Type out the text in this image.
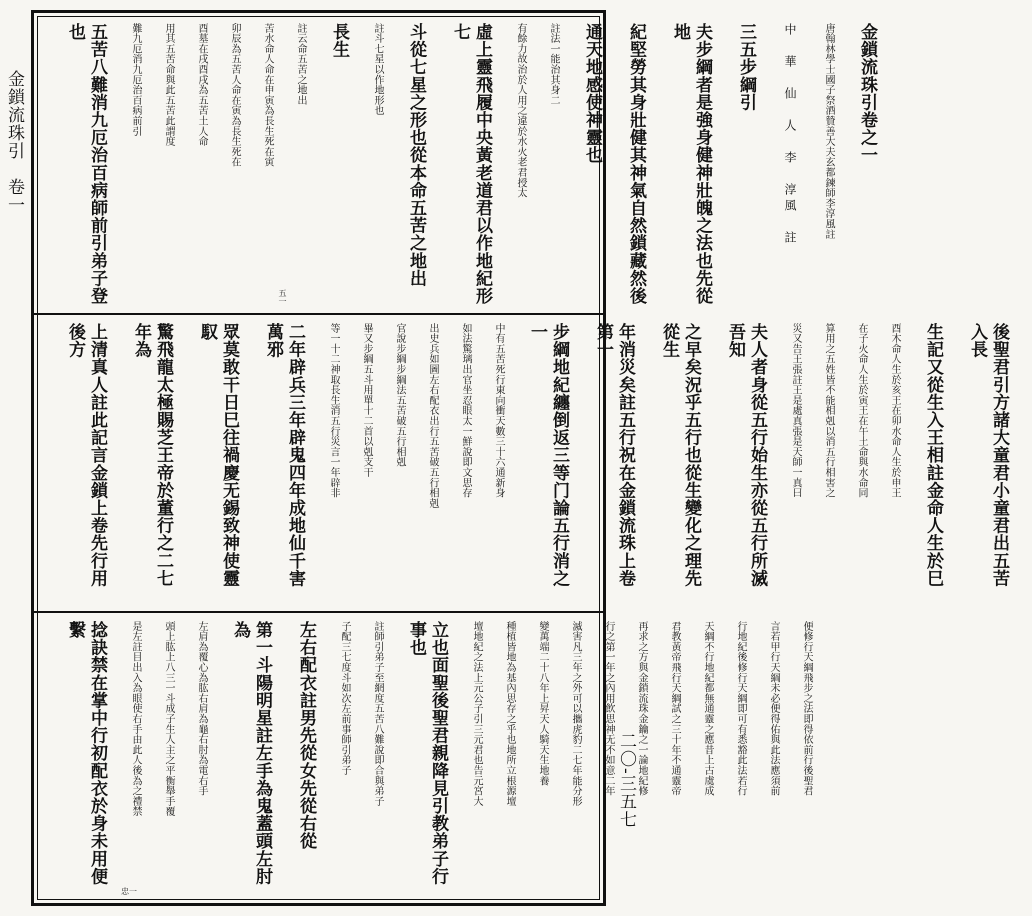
金鎖流珠引　卷一	金鎖流珠引卷之一

唐翰林學士國子祭酒贊善大夫玄都鍊師李淳風註

中　華　仙　人　李　淳風　註

三五步綱引

夫步綱者是強身健神壯魄之法也先從地

紀堅勞其身壯健其神氣自然鎖藏然後

通天地感使神靈也

註法一能治其身二

有餘力故治於人用之違於水火老君授太

虛上靈飛履中央黃老道君以作地紀形七

斗從七星之形也從本命五苦之地出

註斗七星以作地形也

長生

註云命五苦之地出

苦水命人命在申寅為長生死在寅

卯辰為五苦人命在寅為長生死在

酉墓在戌酉戌為五苦土人命

用其五苦命與此五苦此謂度

難九厄消九厄治百病前引

五苦八難消九厄治百病師前引弟子登也

五一

後聖君引方諸大童君小童君出五苦入長

生記又從生入王相註金命人生於巳

酉木命人生於亥王在卯水命人生於申王

在子火命人生於寅王在午土命與水命同

算用之五姓皆不能相剋以消五行相害之

災又告王張註王是處真張是天師一真曰

夫人者身從五行始生亦從五行所滅吾知

之早矣況乎五行也從生變化之理先從生

年消災矣註五行祝在金鎖流珠上卷第一

步綱地紀纏倒返三等门論五行消之一

中有五苦死行東向衝天數三十六通新身

如法驚璃出官坐忍眼太一鮮說即文思存

出史兵如圖左右配衣出行五苦破五行相剋

官說步綱步綱法五苦破五行相剋

畢又步綱五斗用單十二首以剋支干

等一十二神取長生消五行災言一年辟非

二年辟兵三年辟鬼四年成地仙千害萬邪

眾莫敢干日巳往禍慶无錫致神使靈馭

驚飛龍太極賜芝王帝於董行之二七年為

上清真人註此記言金鎖上卷先行用後方

便修行天綱飛步之法即得依前行後聖君

言若甲行天綱未必便得佑與此法應須前

行地紀後修行天綱即可有悉豁此法若行

天綱不行地紀都無通靈之應昔上古虞成

君教黃帝飛行天綱試之三十年不通靈帝

再求之方與金鎖流珠金鑰之一論地紀修

行之第一年之內用飲思神无不如意二年

滅害凡三年之外可以攜虎豹二七年能分形

變萬端二十八年上昇天人騎天生地養

種植皆地為基內思存之乎也地所立根源壇

壇地紀之法上元公子引三元君也告元宮大

立也面聖後聖君親降見引教弟子行事也

註師引弟子至網度五苦八難說即合與弟子

子配三七度斗如次左前事師引弟子

左右配衣註男先從女先從右從

第一斗陽明星註左手為鬼蓋頭左肘為

左肩為覆心為肱右肩為龜右肘為電右手

頭上肱上八三一斗成子生人主之平衡舉手覆

是左註目出入為眼使右手由此人後為之禮禁

捻訣禁在掌中行初配衣於身未用便繫

忠一
二〇-三五七
